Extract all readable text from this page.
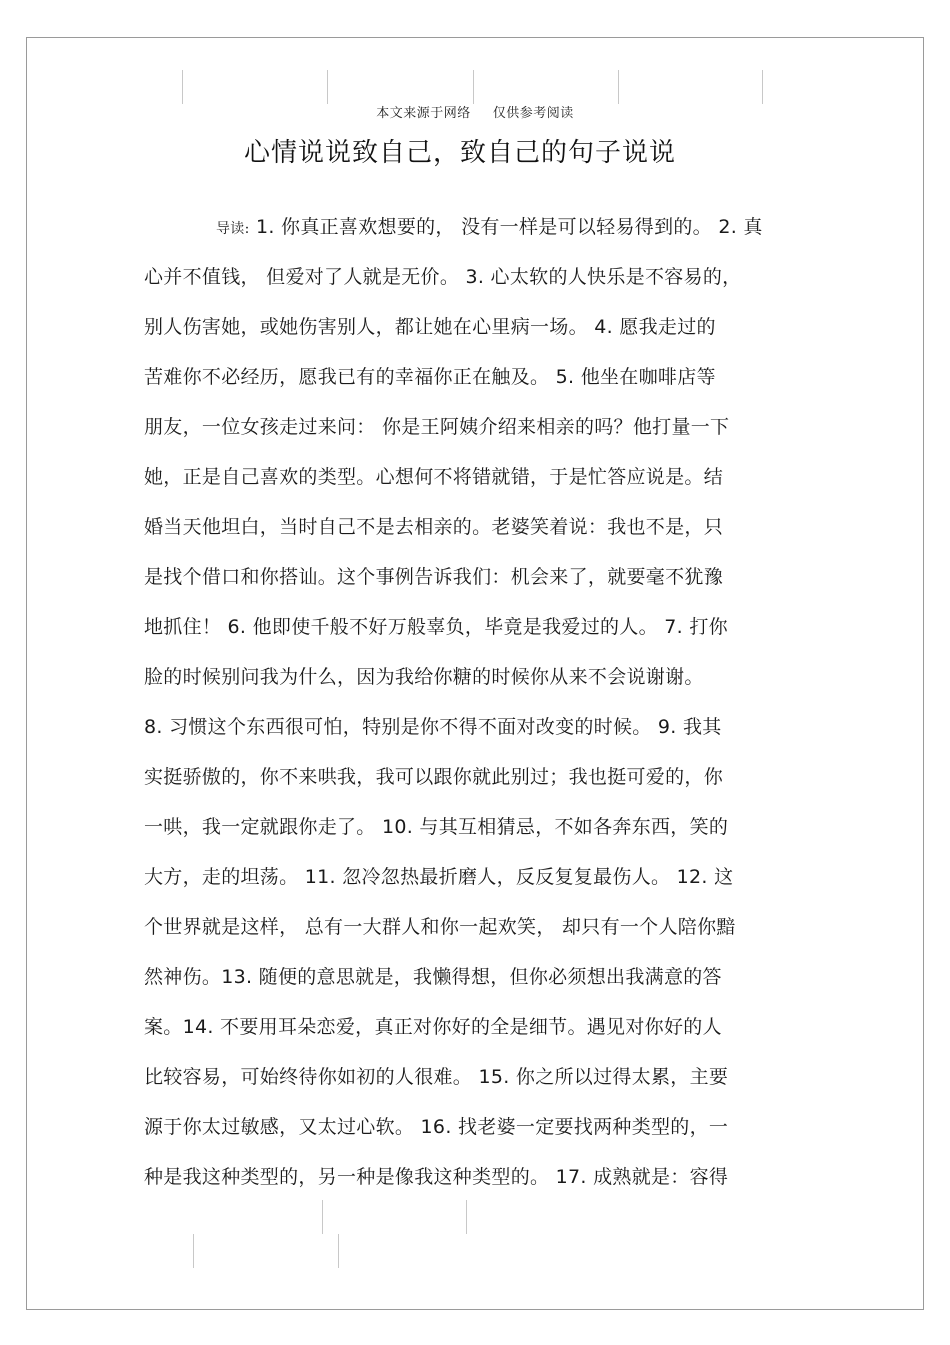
本文来源于网络 仅供参考阅读
心情说说致自己，致自己的句子说说
导读: 1. 你真正喜欢想要的， 没有一样是可以轻易得到的。 2. 真
心并不值钱， 但爱对了人就是无价。 3. 心太软的人快乐是不容易的，
别人伤害她，或她伤害别人，都让她在心里病一场。 4. 愿我走过的
苦难你不必经历，愿我已有的幸福你正在触及。 5. 他坐在咖啡店等
朋友，一位女孩走过来问： 你是王阿姨介绍来相亲的吗？他打量一下
她，正是自己喜欢的类型。心想何不将错就错，于是忙答应说是。结
婚当天他坦白，当时自己不是去相亲的。老婆笑着说：我也不是，只
是找个借口和你搭讪。这个事例告诉我们：机会来了，就要毫不犹豫
地抓住！ 6. 他即使千般不好万般辜负，毕竟是我爱过的人。 7. 打你
脸的时候别问我为什么，因为我给你糖的时候你从来不会说谢谢。
8. 习惯这个东西很可怕，特别是你不得不面对改变的时候。 9. 我其
实挺骄傲的，你不来哄我，我可以跟你就此别过；我也挺可爱的，你
一哄，我一定就跟你走了。 10. 与其互相猜忌，不如各奔东西，笑的
大方，走的坦荡。 11. 忽冷忽热最折磨人，反反复复最伤人。 12. 这
个世界就是这样， 总有一大群人和你一起欢笑， 却只有一个人陪你黯
然神伤。13. 随便的意思就是，我懒得想，但你必须想出我满意的答
案。14. 不要用耳朵恋爱，真正对你好的全是细节。遇见对你好的人
比较容易，可始终待你如初的人很难。 15. 你之所以过得太累，主要
源于你太过敏感，又太过心软。 16. 找老婆一定要找两种类型的，一
种是我这种类型的，另一种是像我这种类型的。 17. 成熟就是：容得
